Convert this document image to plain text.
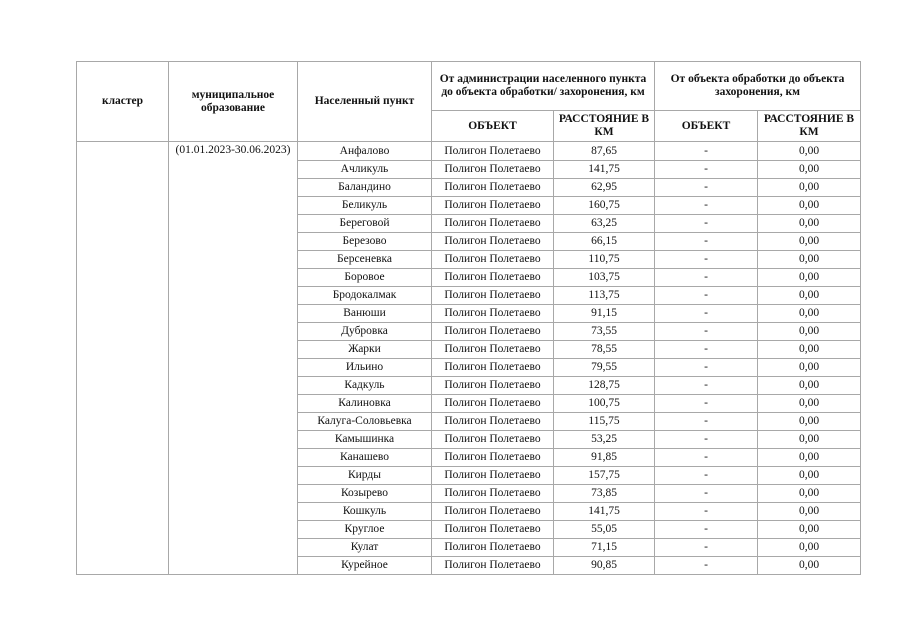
кластер	муниципальное образование	Населенный пункт	От администрации населенного пункта до объекта обработки/ захоронения, км		От объекта обработки до объекта захоронения, км	
			ОБЪЕКТ	РАССТОЯНИЕ В КМ	ОБЪЕКТ	РАССТОЯНИЕ В КМ
	(01.01.2023-30.06.2023)	Анфалово	Полигон Полетаево	87,65	-	0,00
		Ачликуль	Полигон Полетаево	141,75	-	0,00
		Баландино	Полигон Полетаево	62,95	-	0,00
		Беликуль	Полигон Полетаево	160,75	-	0,00
		Береговой	Полигон Полетаево	63,25	-	0,00
		Березово	Полигон Полетаево	66,15	-	0,00
		Берсеневка	Полигон Полетаево	110,75	-	0,00
		Боровое	Полигон Полетаево	103,75	-	0,00
		Бродокалмак	Полигон Полетаево	113,75	-	0,00
		Ванюши	Полигон Полетаево	91,15	-	0,00
		Дубровка	Полигон Полетаево	73,55	-	0,00
		Жарки	Полигон Полетаево	78,55	-	0,00
		Ильино	Полигон Полетаево	79,55	-	0,00
		Кадкуль	Полигон Полетаево	128,75	-	0,00
		Калиновка	Полигон Полетаево	100,75	-	0,00
		Калуга-Соловьевка	Полигон Полетаево	115,75	-	0,00
		Камышинка	Полигон Полетаево	53,25	-	0,00
		Канашево	Полигон Полетаево	91,85	-	0,00
		Кирды	Полигон Полетаево	157,75	-	0,00
		Козырево	Полигон Полетаево	73,85	-	0,00
		Кошкуль	Полигон Полетаево	141,75	-	0,00
		Круглое	Полигон Полетаево	55,05	-	0,00
		Кулат	Полигон Полетаево	71,15	-	0,00
		Курейное	Полигон Полетаево	90,85	-	0,00
